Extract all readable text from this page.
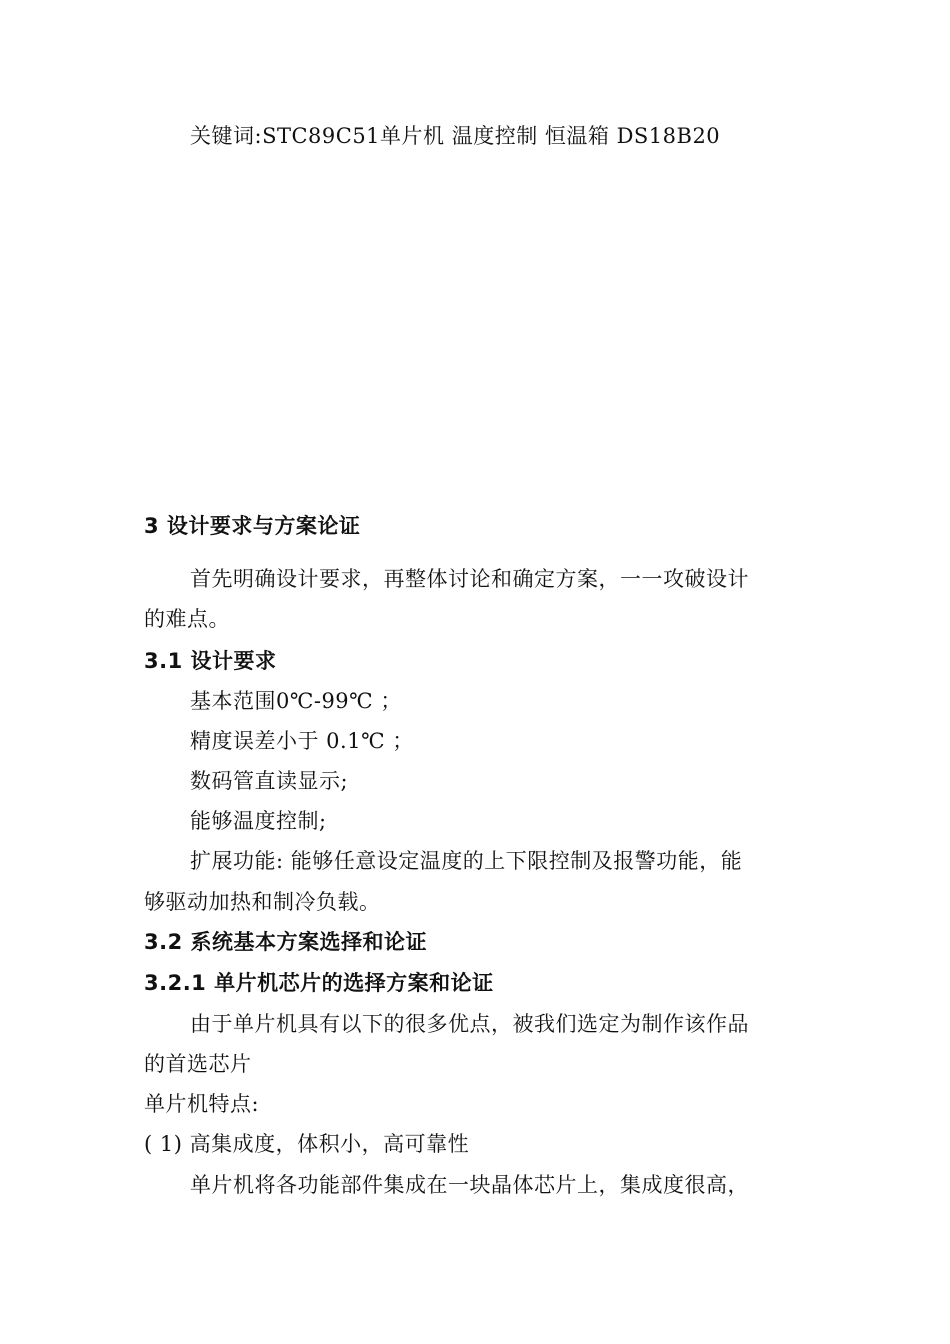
关键词:STC89C51单片机 温度控制 恒温箱 DS18B20
3 设计要求与方案论证
首先明确设计要求，再整体讨论和确定方案，一一攻破设计
的难点。
3.1 设计要求
基本范围0℃-99℃ ；
精度误差小于 0.1℃ ；
数码管直读显示;
能够温度控制;
扩展功能: 能够任意设定温度的上下限控制及报警功能，能
够驱动加热和制冷负载。
3.2 系统基本方案选择和论证
3.2.1 单片机芯片的选择方案和论证
由于单片机具有以下的很多优点，被我们选定为制作该作品
的首选芯片
单片机特点:
( 1) 高集成度，体积小，高可靠性
单片机将各功能部件集成在一块晶体芯片上，集成度很高，
